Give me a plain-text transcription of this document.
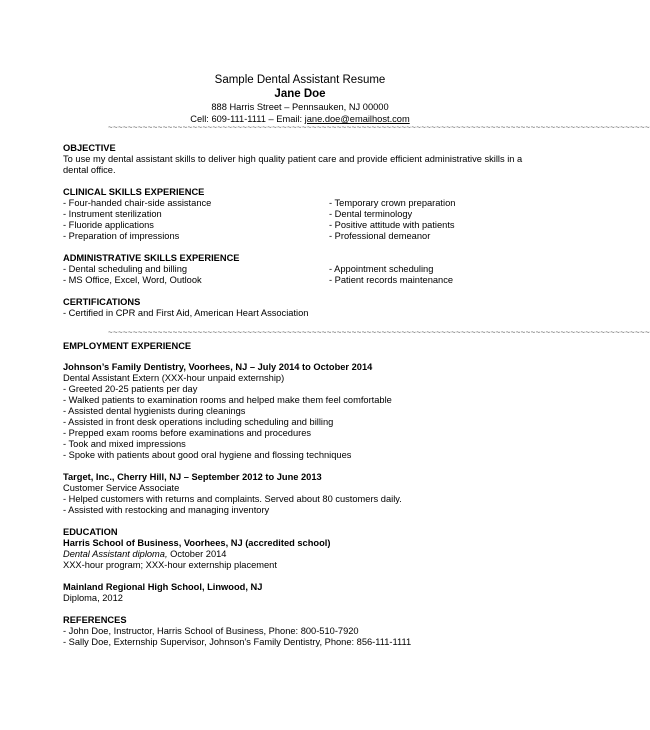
Sample Dental Assistant Resume
Jane Doe
888 Harris Street – Pennsauken, NJ 00000
Cell: 609-111-1111 – Email: jane.doe@emailhost.com
~~~~~~~~~~~~~~~~~~~~~~~~~~~~~~~~~~~~~~~~~~~~~~~~~~~~~~~~~~~~~~~~~~~~~~~~~~~~~~~~~~~~~~~~~~~~~~~~~~~~~~~~~~~~~
OBJECTIVE
To use my dental assistant skills to deliver high quality patient care and provide efficient administrative skills in a dental office.
CLINICAL SKILLS EXPERIENCE
- Four-handed chair-side assistance
- Instrument sterilization
- Fluoride applications
- Preparation of impressions
- Temporary crown preparation
- Dental terminology
- Positive attitude with patients
- Professional demeanor
ADMINISTRATIVE SKILLS EXPERIENCE
- Dental scheduling and billing
- MS Office, Excel, Word, Outlook
- Appointment scheduling
- Patient records maintenance
CERTIFICATIONS
- Certified in CPR and First Aid, American Heart Association
~~~~~~~~~~~~~~~~~~~~~~~~~~~~~~~~~~~~~~~~~~~~~~~~~~~~~~~~~~~~~~~~~~~~~~~~~~~~~~~~~~~~~~~~~~~~~~~~~~~~~~~~~~~~~
EMPLOYMENT EXPERIENCE
Johnson’s Family Dentistry, Voorhees, NJ – July 2014 to October 2014
Dental Assistant Extern (XXX-hour unpaid externship)
- Greeted 20-25 patients per day
- Walked patients to examination rooms and helped make them feel comfortable
- Assisted dental hygienists during cleanings
- Assisted in front desk operations including scheduling and billing
- Prepped exam rooms before examinations and procedures
- Took and mixed impressions
- Spoke with patients about good oral hygiene and flossing techniques
Target, Inc., Cherry Hill, NJ – September 2012 to June 2013
Customer Service Associate
- Helped customers with returns and complaints. Served about 80 customers daily.
- Assisted with restocking and managing inventory
EDUCATION
Harris School of Business, Voorhees, NJ (accredited school)
Dental Assistant diploma, October 2014
XXX-hour program; XXX-hour externship placement
Mainland Regional High School, Linwood, NJ
Diploma, 2012
REFERENCES
- John Doe, Instructor, Harris School of Business, Phone: 800-510-7920
- Sally Doe, Externship Supervisor, Johnson’s Family Dentistry, Phone: 856-111-1111
